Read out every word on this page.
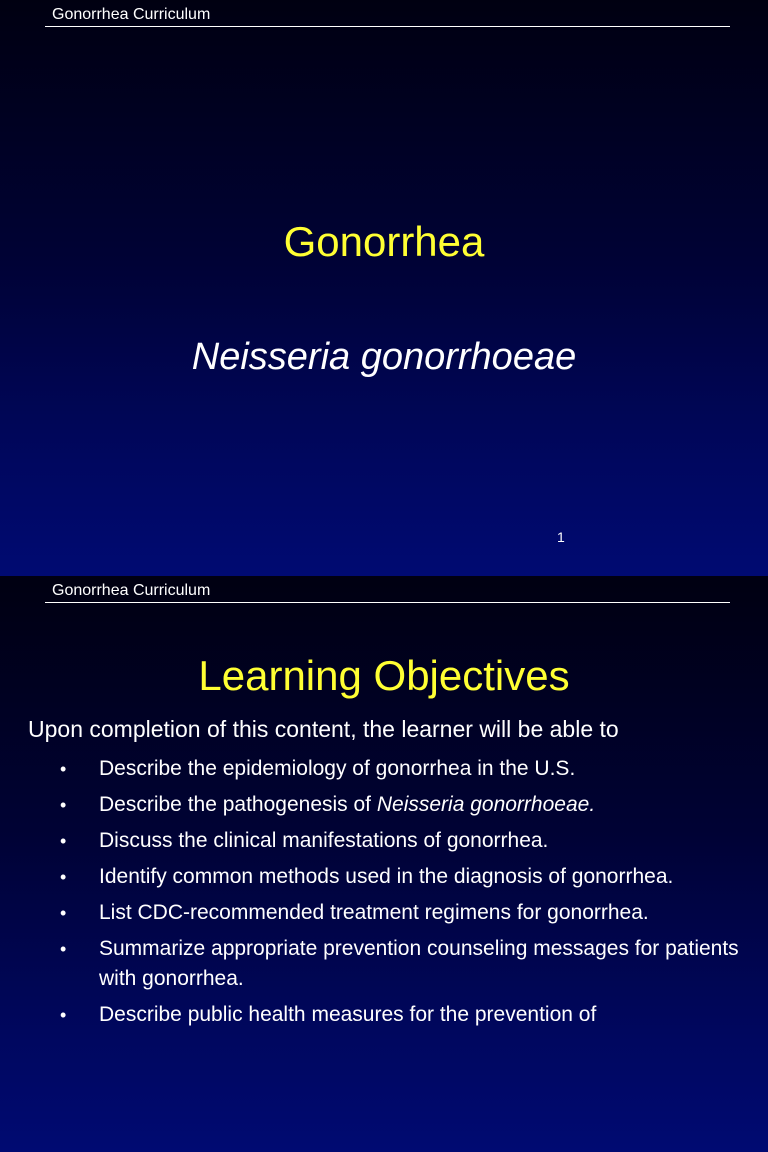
Gonorrhea Curriculum
Gonorrhea
Neisseria gonorrhoeae
1
Gonorrhea Curriculum
Learning Objectives
Upon completion of this content, the learner will be able to
• Describe the epidemiology of gonorrhea in the U.S.
• Describe the pathogenesis of Neisseria gonorrhoeae.
• Discuss the clinical manifestations of gonorrhea.
• Identify common methods used in the diagnosis of gonorrhea.
• List CDC-recommended treatment regimens for gonorrhea.
• Summarize appropriate prevention counseling messages for patients with gonorrhea.
• Describe public health measures for the prevention of
